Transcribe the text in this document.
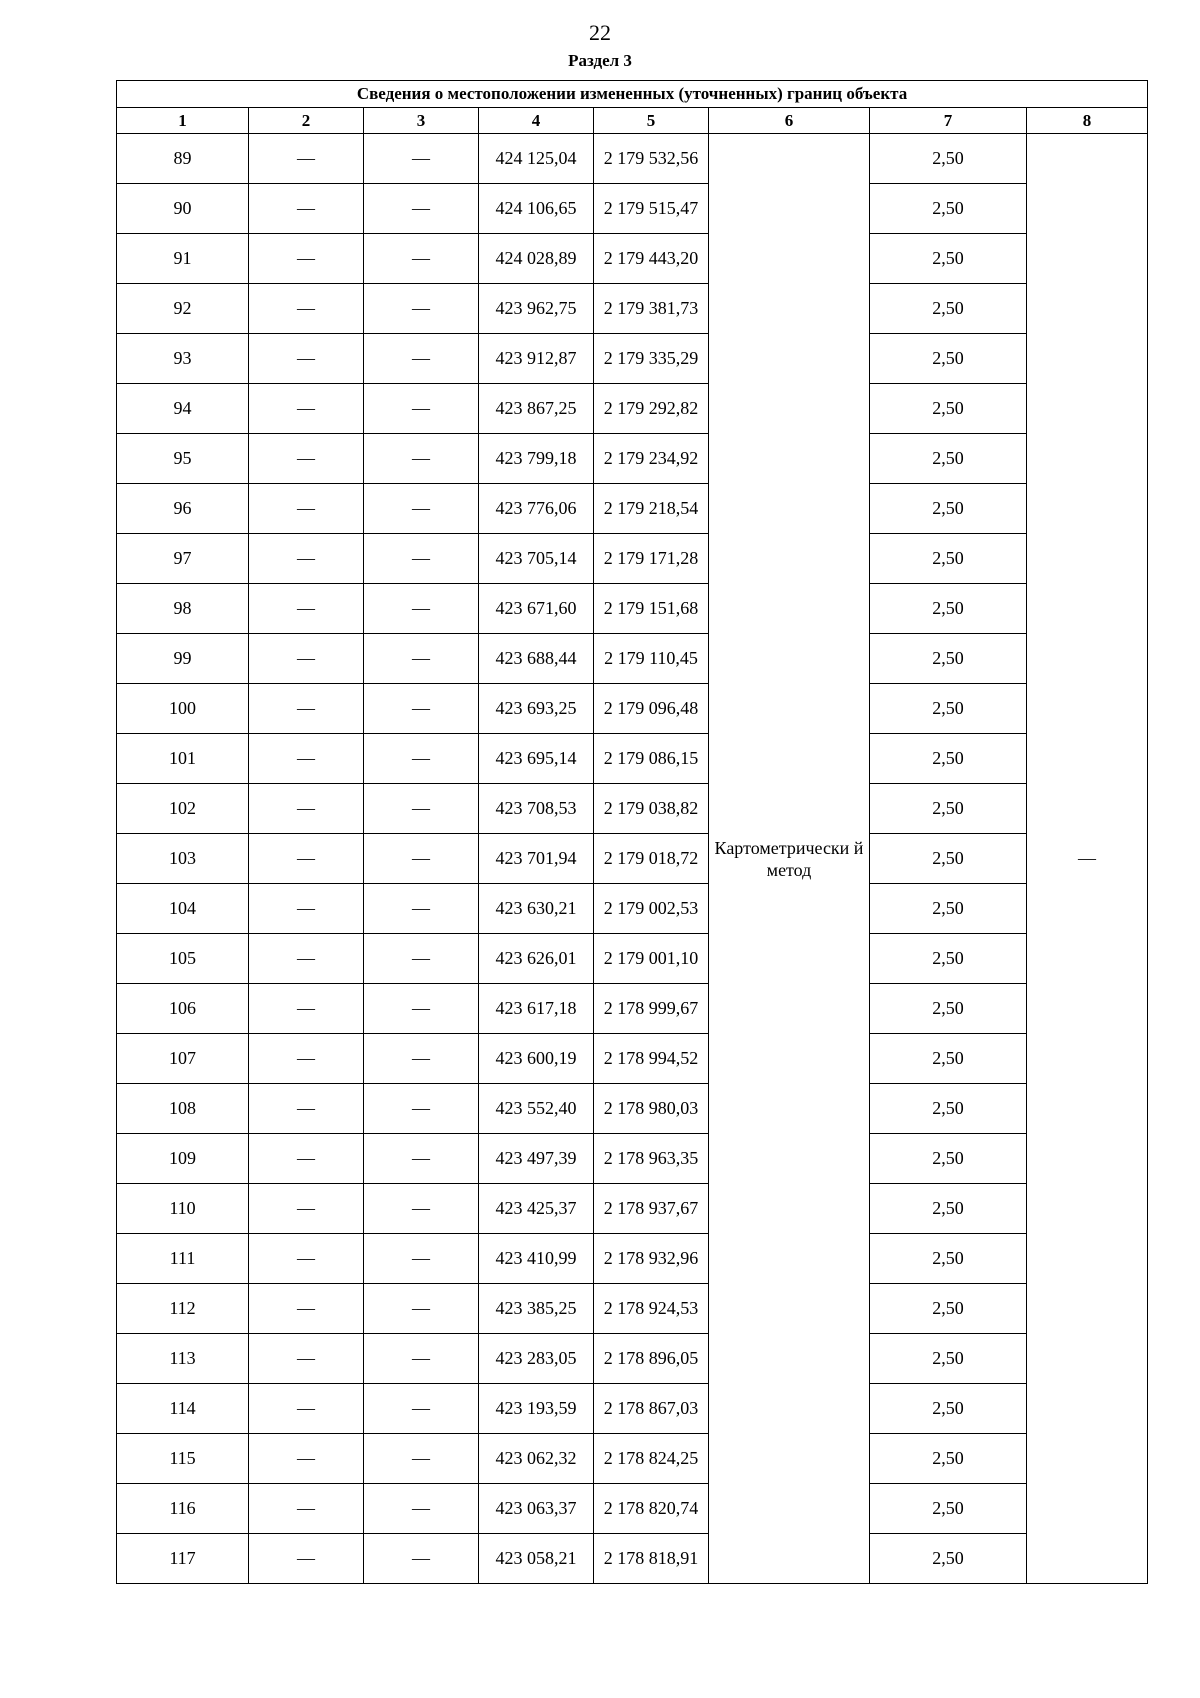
22
Раздел 3
Сведения о местоположении измененных (уточненных) границ объекта							
1	2	3	4	5	6	7	8
89	—	—	424 125,04	2 179 532,56	Картометрически й метод	2,50	—
90	—	—	424 106,65	2 179 515,47		2,50	
91	—	—	424 028,89	2 179 443,20		2,50	
92	—	—	423 962,75	2 179 381,73		2,50	
93	—	—	423 912,87	2 179 335,29		2,50	
94	—	—	423 867,25	2 179 292,82		2,50	
95	—	—	423 799,18	2 179 234,92		2,50	
96	—	—	423 776,06	2 179 218,54		2,50	
97	—	—	423 705,14	2 179 171,28		2,50	
98	—	—	423 671,60	2 179 151,68		2,50	
99	—	—	423 688,44	2 179 110,45		2,50	
100	—	—	423 693,25	2 179 096,48		2,50	
101	—	—	423 695,14	2 179 086,15		2,50	
102	—	—	423 708,53	2 179 038,82		2,50	
103	—	—	423 701,94	2 179 018,72		2,50	
104	—	—	423 630,21	2 179 002,53		2,50	
105	—	—	423 626,01	2 179 001,10		2,50	
106	—	—	423 617,18	2 178 999,67		2,50	
107	—	—	423 600,19	2 178 994,52		2,50	
108	—	—	423 552,40	2 178 980,03		2,50	
109	—	—	423 497,39	2 178 963,35		2,50	
110	—	—	423 425,37	2 178 937,67		2,50	
111	—	—	423 410,99	2 178 932,96		2,50	
112	—	—	423 385,25	2 178 924,53		2,50	
113	—	—	423 283,05	2 178 896,05		2,50	
114	—	—	423 193,59	2 178 867,03		2,50	
115	—	—	423 062,32	2 178 824,25		2,50	
116	—	—	423 063,37	2 178 820,74		2,50	
117	—	—	423 058,21	2 178 818,91		2,50	
